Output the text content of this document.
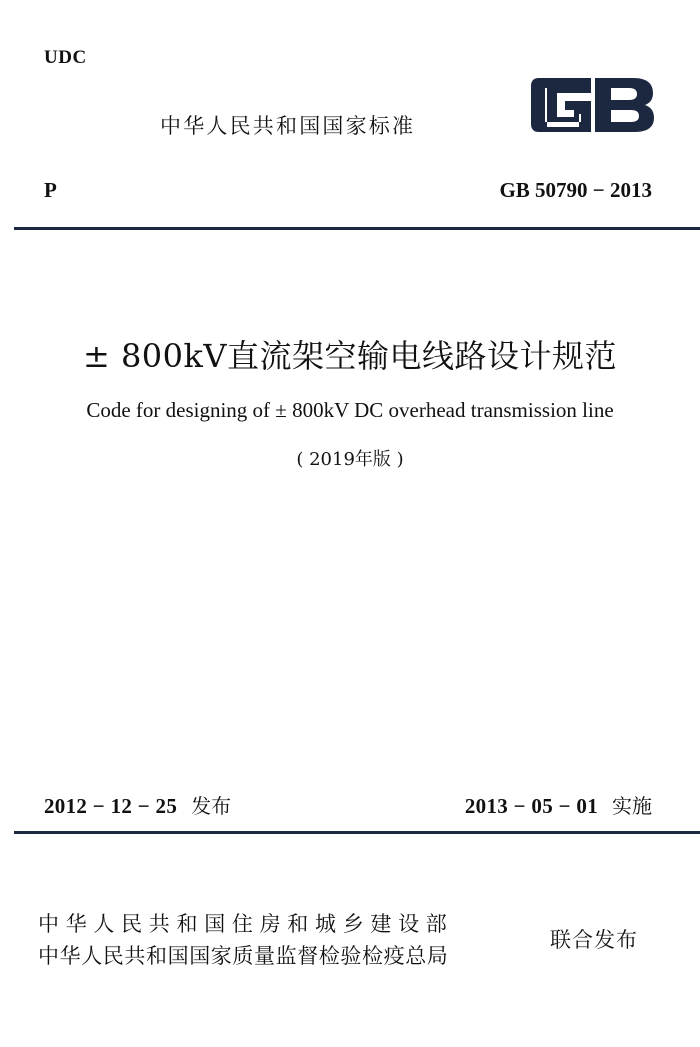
UDC
中华人民共和国国家标准
P	GB 50790 − 2013
± 800kV直流架空输电线路设计规范
Code for designing of ± 800kV DC overhead transmission line
( 2019年版 )
2012 − 12 − 25 发布	2013 − 05 − 01 实施
中华人民共和国住房和城乡建设部
中华人民共和国国家质量监督检验检疫总局
联合发布
